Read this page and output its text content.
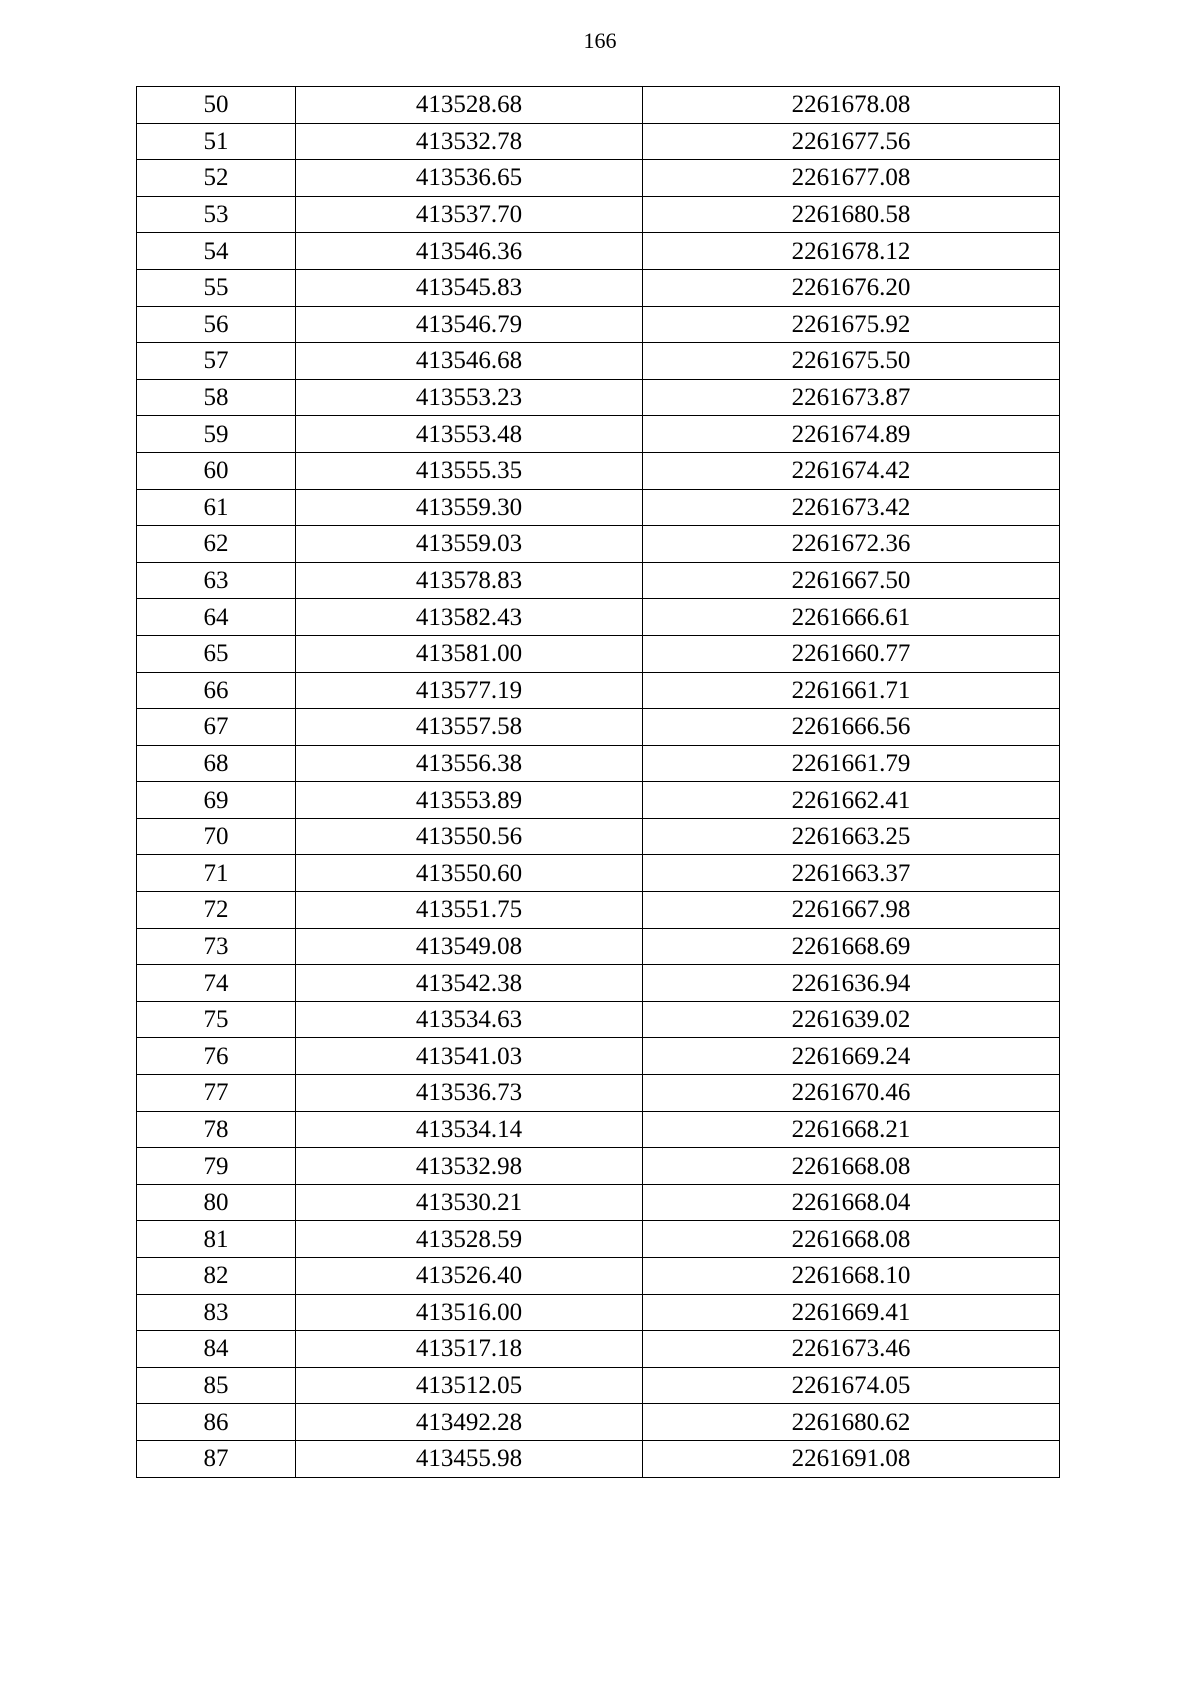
166
50	413528.68	2261678.08
51	413532.78	2261677.56
52	413536.65	2261677.08
53	413537.70	2261680.58
54	413546.36	2261678.12
55	413545.83	2261676.20
56	413546.79	2261675.92
57	413546.68	2261675.50
58	413553.23	2261673.87
59	413553.48	2261674.89
60	413555.35	2261674.42
61	413559.30	2261673.42
62	413559.03	2261672.36
63	413578.83	2261667.50
64	413582.43	2261666.61
65	413581.00	2261660.77
66	413577.19	2261661.71
67	413557.58	2261666.56
68	413556.38	2261661.79
69	413553.89	2261662.41
70	413550.56	2261663.25
71	413550.60	2261663.37
72	413551.75	2261667.98
73	413549.08	2261668.69
74	413542.38	2261636.94
75	413534.63	2261639.02
76	413541.03	2261669.24
77	413536.73	2261670.46
78	413534.14	2261668.21
79	413532.98	2261668.08
80	413530.21	2261668.04
81	413528.59	2261668.08
82	413526.40	2261668.10
83	413516.00	2261669.41
84	413517.18	2261673.46
85	413512.05	2261674.05
86	413492.28	2261680.62
87	413455.98	2261691.08
